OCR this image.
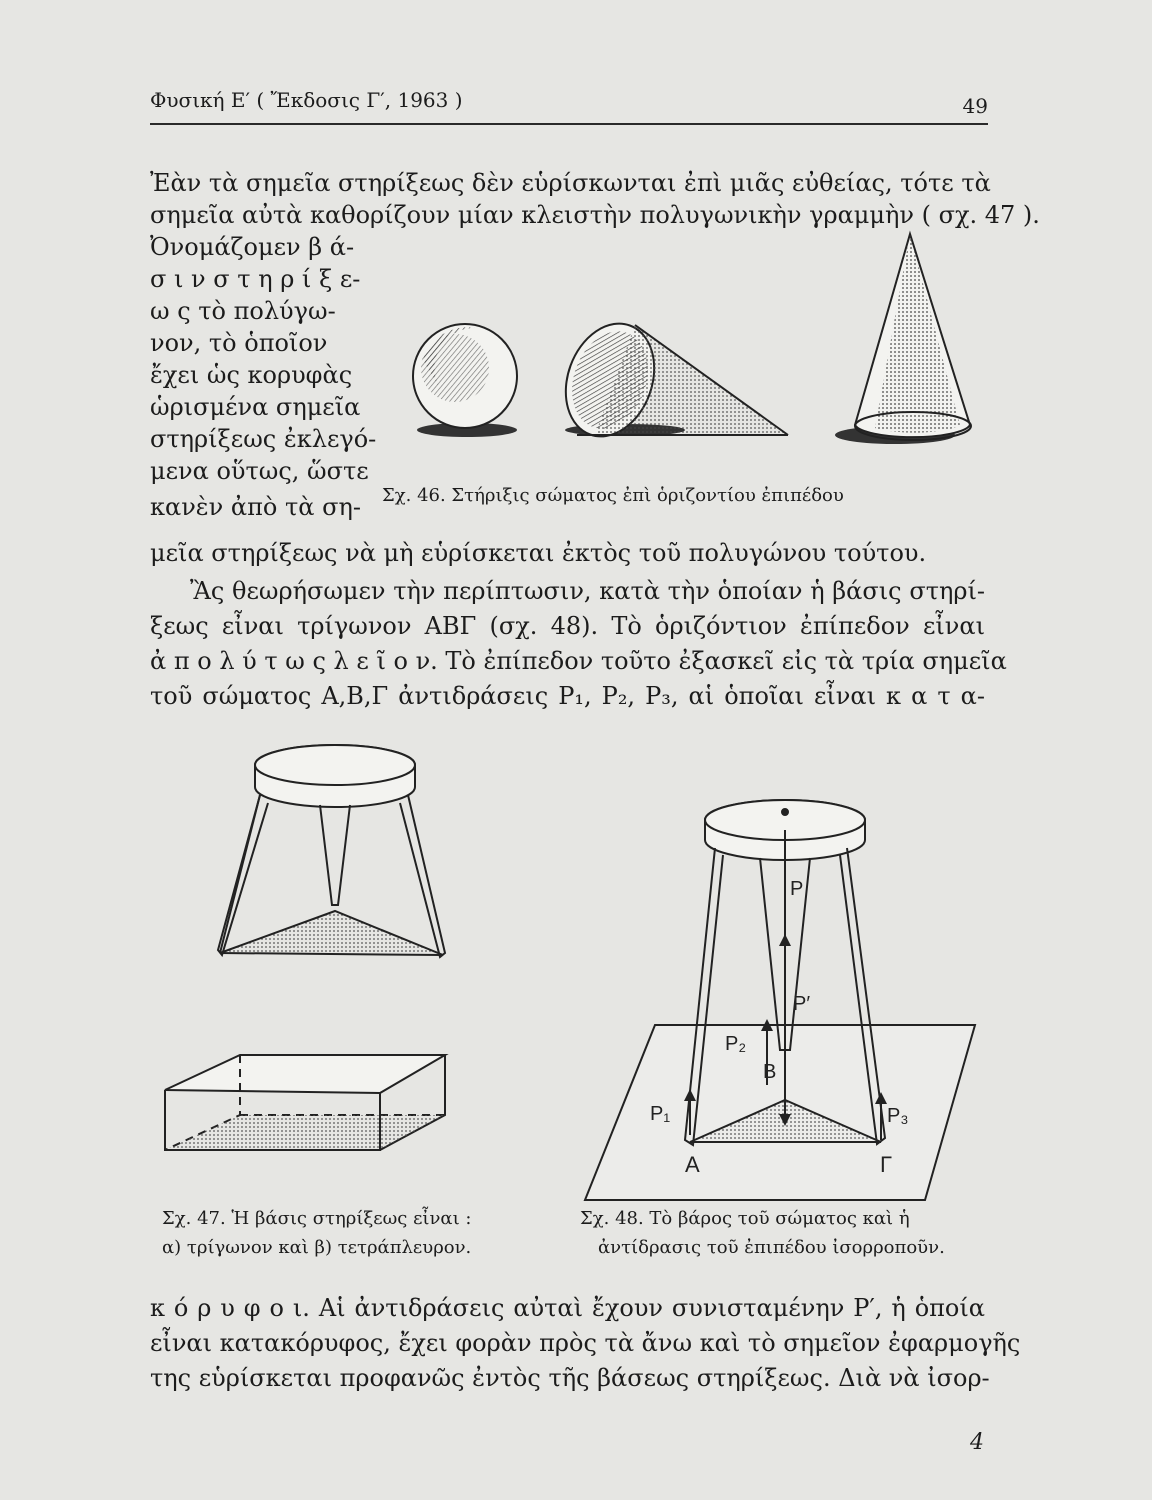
Φυσική Ε′ ( Ἔκδοσις Γ′, 1963 )	49
Ἐὰν τὰ σημεῖα στηρίξεως δὲν εὑρίσκωνται ἐπὶ μιᾶς εὐθείας, τότε τὰ
σημεῖα αὐτὰ καθορίζουν μίαν κλειστὴν πολυγωνικὴν γραμμὴν ( σχ. 47 ).
Ὀνομάζομεν β ά-
σ ι ν σ τ η ρ ί ξ ε-
ω ς τὸ πολύγω-
νον, τὸ ὁποῖον
ἔχει ὡς κορυφὰς
ὡρισμένα σημεῖα
στηρίξεως ἐκλεγό-
μενα οὕτως, ὥστε
κανὲν ἀπὸ τὰ ση- Σχ. 46. Στήριξις σώματος ἐπὶ ὁριζοντίου ἐπιπέδου
μεῖα στηρίξεως νὰ μὴ εὑρίσκεται ἐκτὸς τοῦ πολυγώνου τούτου.
Ἂς θεωρήσωμεν τὴν περίπτωσιν, κατὰ τὴν ὁποίαν ἡ βάσις στηρί-
ξεως εἶναι τρίγωνον ΑΒΓ (σχ. 48). Τὸ ὁριζόντιον ἐπίπεδον εἶναι
ἀ π ο λ ύ τ ω ς λ ε ῖ ο ν. Τὸ ἐπίπεδον τοῦτο ἐξασκεῖ εἰς τὰ τρία σημεῖα
τοῦ σώματος Α,Β,Γ ἀντιδράσεις P₁, P₂, P₃, αἱ ὁποῖαι εἶναι κ α τ α-
Σχ. 47. Ἡ βάσις στηρίξεως εἶναι :
α) τρίγωνον καὶ β) τετράπλευρον.
P
P′
P₂
P₁	P₃
A
B
Γ
Σχ. 48. Τὸ βάρος τοῦ σώματος καὶ ἡ
ἀντίδρασις τοῦ ἐπιπέδου ἰσορροποῦν.
κ ό ρ υ φ ο ι. Αἱ ἀντιδράσεις αὐταὶ ἔχουν συνισταμένην P′, ἡ ὁποία
εἶναι κατακόρυφος, ἔχει φορὰν πρὸς τὰ ἄνω καὶ τὸ σημεῖον ἐφαρμογῆς
της εὑρίσκεται προφανῶς ἐντὸς τῆς βάσεως στηρίξεως. Διὰ νὰ ἰσορ-
4
